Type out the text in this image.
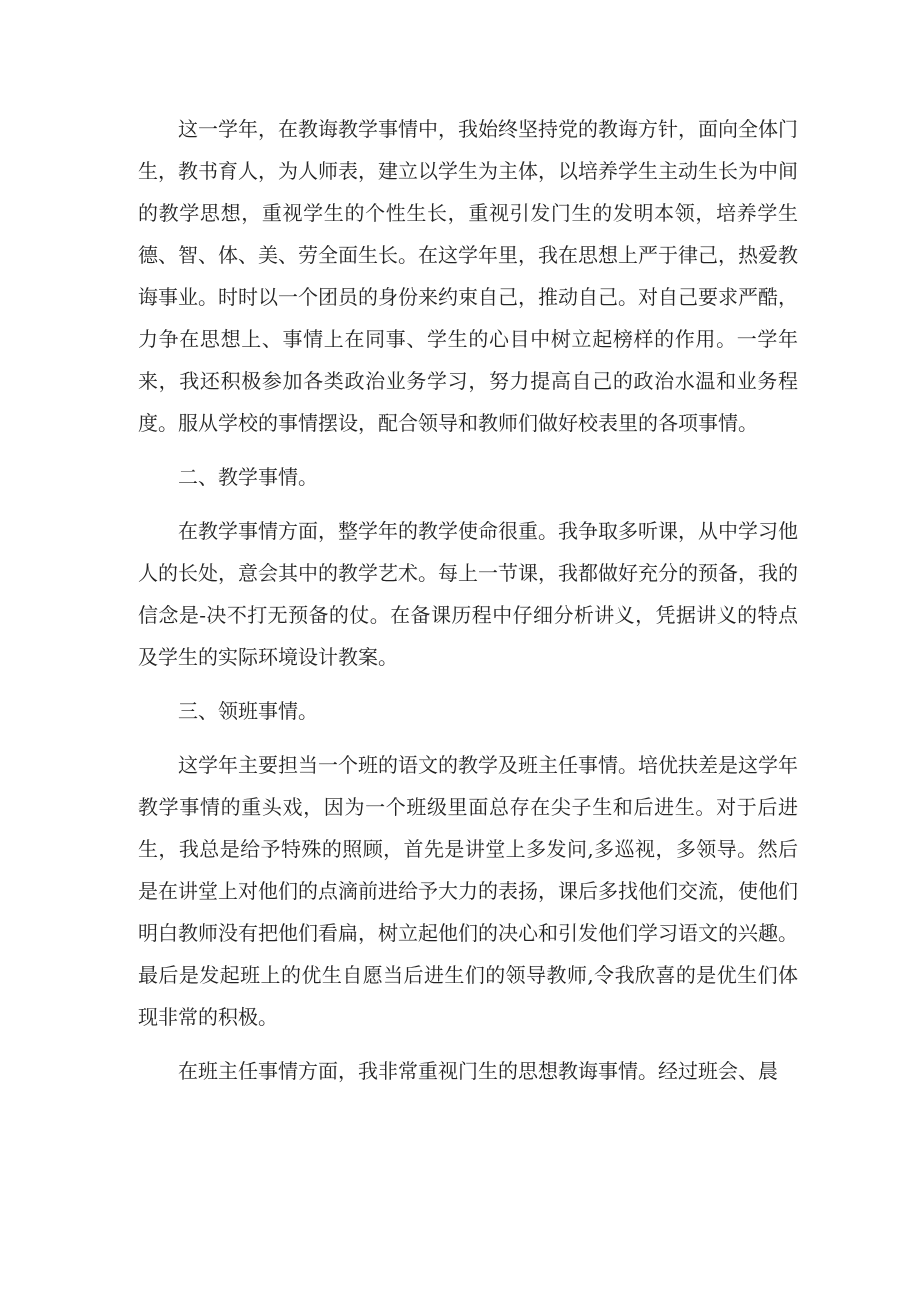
这一学年，在教诲教学事情中，我始终坚持党的教诲方针，面向全体门生，教书育人，为人师表，建立以学生为主体，以培养学生主动生长为中间的教学思想，重视学生的个性生长，重视引发门生的发明本领，培养学生德、智、体、美、劳全面生长。在这学年里，我在思想上严于律己，热爱教诲事业。时时以一个团员的身份来约束自己，推动自己。对自己要求严酷，力争在思想上、事情上在同事、学生的心目中树立起榜样的作用。一学年来，我还积极参加各类政治业务学习，努力提高自己的政治水温和业务程度。服从学校的事情摆设，配合领导和教师们做好校表里的各项事情。

二、教学事情。

在教学事情方面，整学年的教学使命很重。我争取多听课，从中学习他人的长处，意会其中的教学艺术。每上一节课，我都做好充分的预备，我的信念是-决不打无预备的仗。在备课历程中仔细分析讲义，凭据讲义的特点及学生的实际环境设计教案。

三、领班事情。

这学年主要担当一个班的语文的教学及班主任事情。培优扶差是这学年教学事情的重头戏，因为一个班级里面总存在尖子生和后进生。对于后进生，我总是给予特殊的照顾，首先是讲堂上多发问,多巡视，多领导。然后是在讲堂上对他们的点滴前进给予大力的表扬，课后多找他们交流，使他们明白教师没有把他们看扁，树立起他们的决心和引发他们学习语文的兴趣。最后是发起班上的优生自愿当后进生们的领导教师,令我欣喜的是优生们体现非常的积极。

在班主任事情方面，我非常重视门生的思想教诲事情。经过班会、晨
